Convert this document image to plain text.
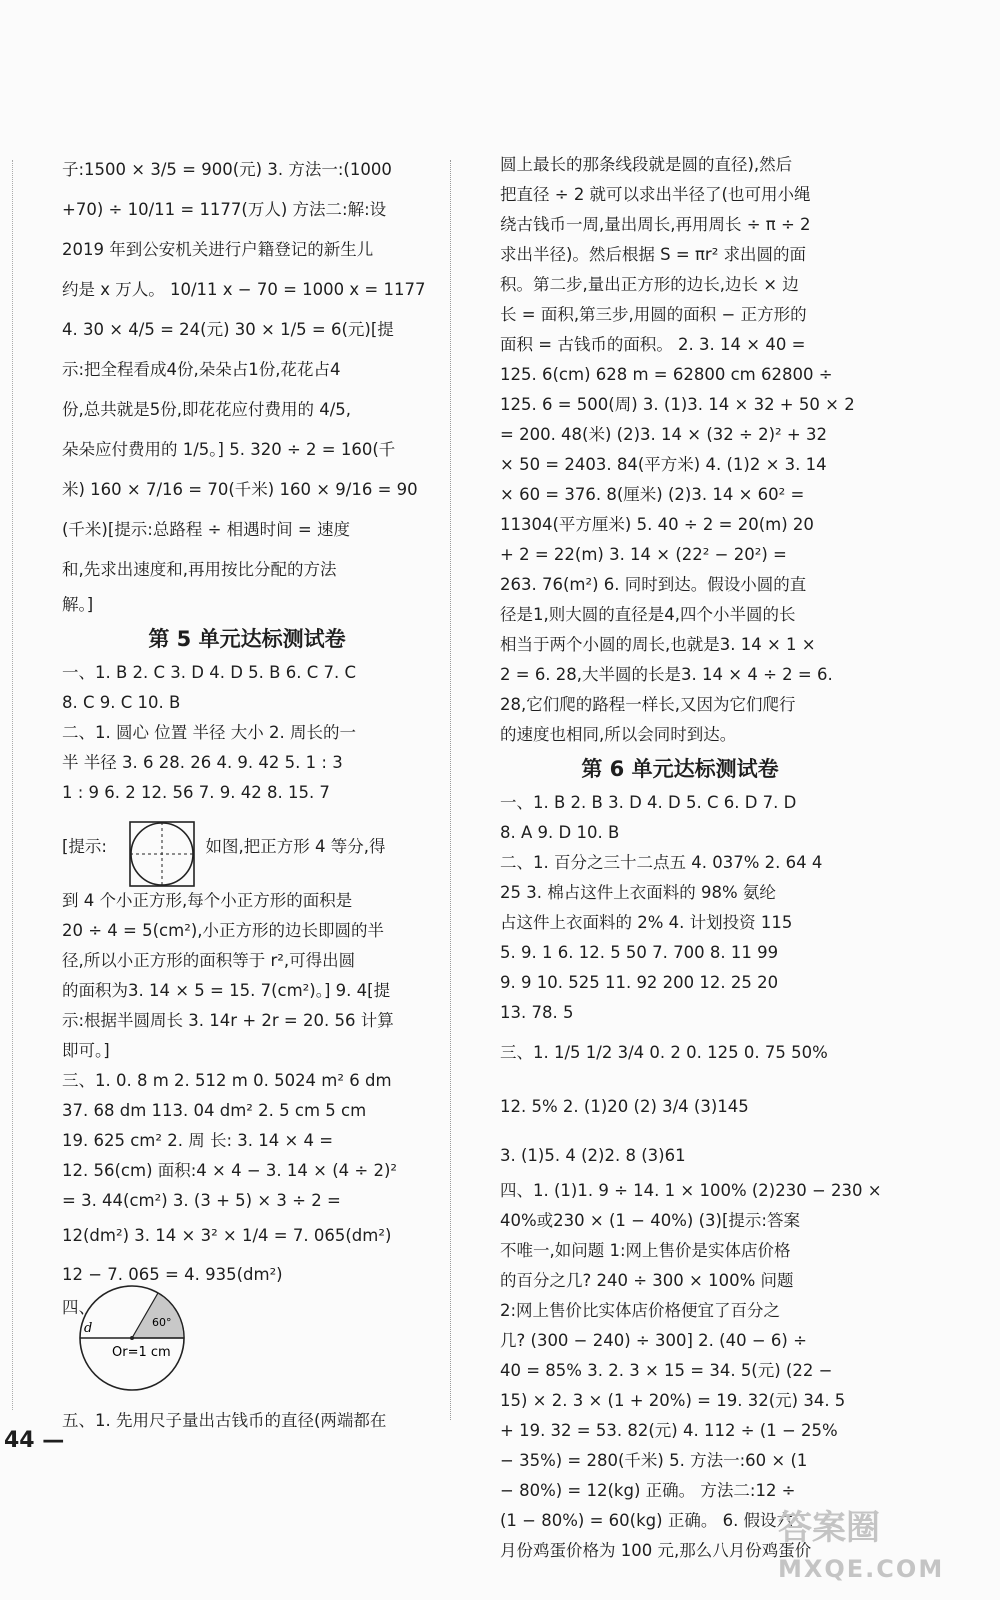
子:1500 × 3/5 = 900(元) 3. 方法一:(1000
+70) ÷ 10/11 = 1177(万人) 方法二:解:设
2019 年到公安机关进行户籍登记的新生儿
约是 x 万人。 10/11 x − 70 = 1000 x = 1177
4. 30 × 4/5 = 24(元) 30 × 1/5 = 6(元)[提
示:把全程看成4份,朵朵占1份,花花占4
份,总共就是5份,即花花应付费用的 4/5,
朵朵应付费用的 1/5。] 5. 320 ÷ 2 = 160(千
米) 160 × 7/16 = 70(千米) 160 × 9/16 = 90
(千米)[提示:总路程 ÷ 相遇时间 = 速度
和,先求出速度和,再用按比分配的方法
解。]
第 5 单元达标测试卷
一、1. B 2. C 3. D 4. D 5. B 6. C 7. C
8. C 9. C 10. B
二、1. 圆心 位置 半径 大小 2. 周长的一
半 半径 3. 6 28. 26 4. 9. 42 5. 1 : 3
1 : 9 6. 2 12. 56 7. 9. 42 8. 15. 7
[提示:	如图,把正方形 4 等分,得
到 4 个小正方形,每个小正方形的面积是
20 ÷ 4 = 5(cm²),小正方形的边长即圆的半
径,所以小正方形的面积等于 r²,可得出圆
的面积为3. 14 × 5 = 15. 7(cm²)。] 9. 4[提
示:根据半圆周长 3. 14r + 2r = 20. 56 计算
即可。]
三、1. 0. 8 m 2. 512 m 0. 5024 m² 6 dm
37. 68 dm 113. 04 dm² 2. 5 cm 5 cm
19. 625 cm² 2. 周 长: 3. 14 × 4 =
12. 56(cm) 面积:4 × 4 − 3. 14 × (4 ÷ 2)²
= 3. 44(cm²) 3. (3 + 5) × 3 ÷ 2 =
12(dm²) 3. 14 × 3² × 1/4 = 7. 065(dm²)
12 − 7. 065 = 4. 935(dm²)
四、
五、1. 先用尺子量出古钱币的直径(两端都在
d	60°
Or=1 cm
圆上最长的那条线段就是圆的直径),然后
把直径 ÷ 2 就可以求出半径了(也可用小绳
绕古钱币一周,量出周长,再用周长 ÷ π ÷ 2
求出半径)。然后根据 S = πr² 求出圆的面
积。第二步,量出正方形的边长,边长 × 边
长 = 面积,第三步,用圆的面积 − 正方形的
面积 = 古钱币的面积。 2. 3. 14 × 40 =
125. 6(cm) 628 m = 62800 cm 62800 ÷
125. 6 = 500(周) 3. (1)3. 14 × 32 + 50 × 2
= 200. 48(米) (2)3. 14 × (32 ÷ 2)² + 32
× 50 = 2403. 84(平方米) 4. (1)2 × 3. 14
× 60 = 376. 8(厘米) (2)3. 14 × 60² =
11304(平方厘米) 5. 40 ÷ 2 = 20(m) 20
+ 2 = 22(m) 3. 14 × (22² − 20²) =
263. 76(m²) 6. 同时到达。假设小圆的直
径是1,则大圆的直径是4,四个小半圆的长
相当于两个小圆的周长,也就是3. 14 × 1 ×
2 = 6. 28,大半圆的长是3. 14 × 4 ÷ 2 = 6.
28,它们爬的路程一样长,又因为它们爬行
的速度也相同,所以会同时到达。
第 6 单元达标测试卷
一、1. B 2. B 3. D 4. D 5. C 6. D 7. D
8. A 9. D 10. B
二、1. 百分之三十二点五 4. 037% 2. 64 4
25 3. 棉占这件上衣面料的 98% 氨纶
占这件上衣面料的 2% 4. 计划投资 115
5. 9. 1 6. 12. 5 50 7. 700 8. 11 99
9. 9 10. 525 11. 92 200 12. 25 20
13. 78. 5
三、1. 1/5 1/2 3/4 0. 2 0. 125 0. 75 50%
12. 5% 2. (1)20 (2) 3/4 (3)145
3. (1)5. 4 (2)2. 8 (3)61
四、1. (1)1. 9 ÷ 14. 1 × 100% (2)230 − 230 ×
40%或230 × (1 − 40%) (3)[提示:答案
不唯一,如问题 1:网上售价是实体店价格
的百分之几? 240 ÷ 300 × 100% 问题
2:网上售价比实体店价格便宜了百分之
几? (300 − 240) ÷ 300] 2. (40 − 6) ÷
40 = 85% 3. 2. 3 × 15 = 34. 5(元) (22 −
15) × 2. 3 × (1 + 20%) = 19. 32(元) 34. 5
+ 19. 32 = 53. 82(元) 4. 112 ÷ (1 − 25%
− 35%) = 280(千米) 5. 方法一:60 × (1
− 80%) = 12(kg) 正确。 方法二:12 ÷
(1 − 80%) = 60(kg) 正确。 6. 假设六
月份鸡蛋价格为 100 元,那么八月份鸡蛋价
44 —
答案圈
MXQE.COM
